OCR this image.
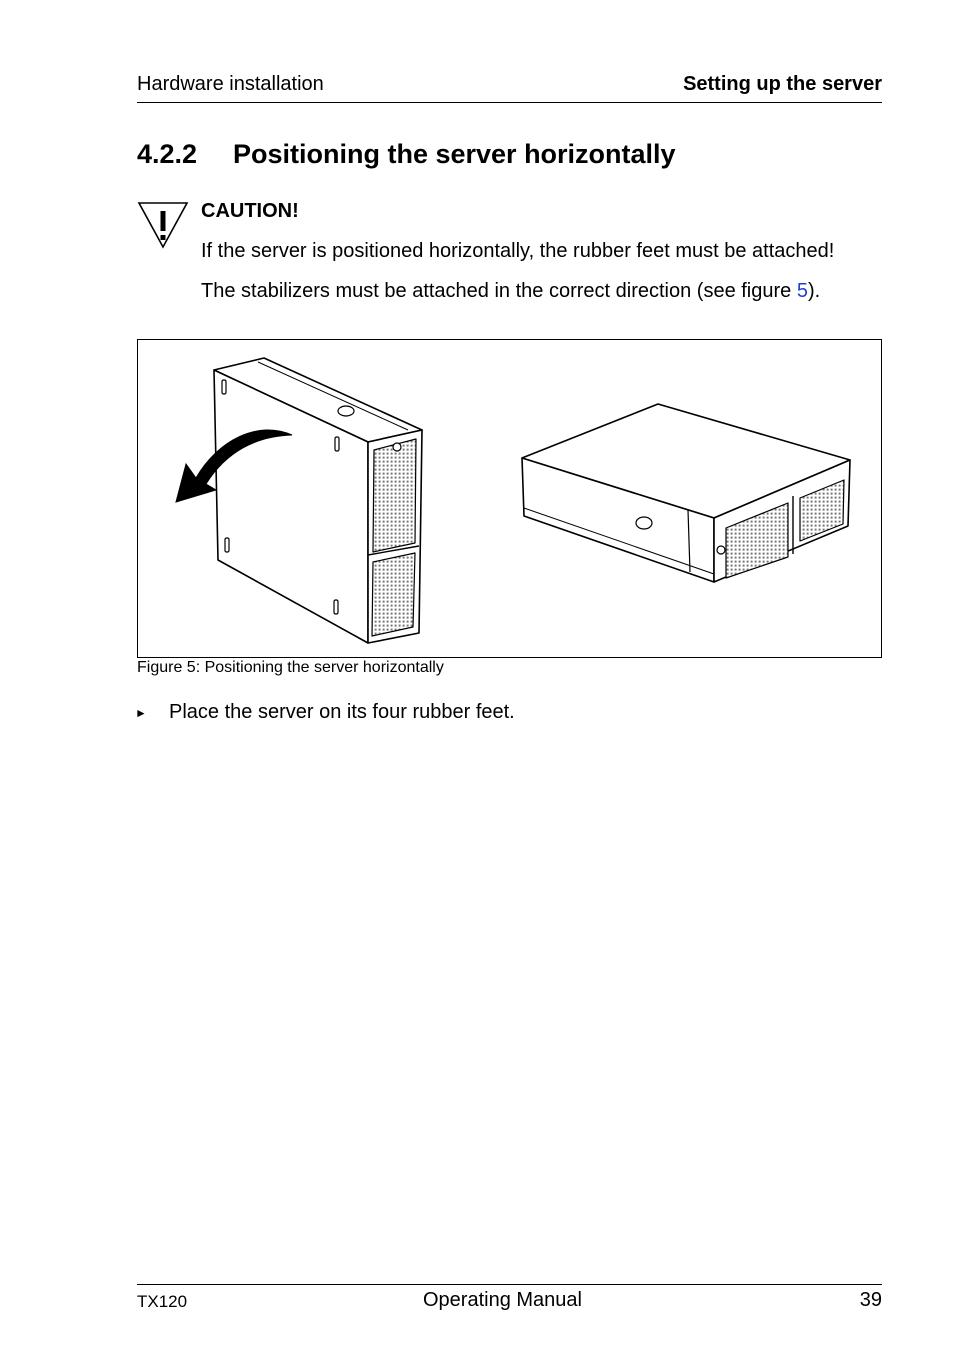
Hardware installation	Setting up the server
4.2.2 Positioning the server horizontally
CAUTION!
If the server is positioned horizontally, the rubber feet must be attached!
The stabilizers must be attached in the correct direction (see figure 5).
Figure 5: Positioning the server horizontally
► Place the server on its four rubber feet.
TX120	Operating Manual	39
